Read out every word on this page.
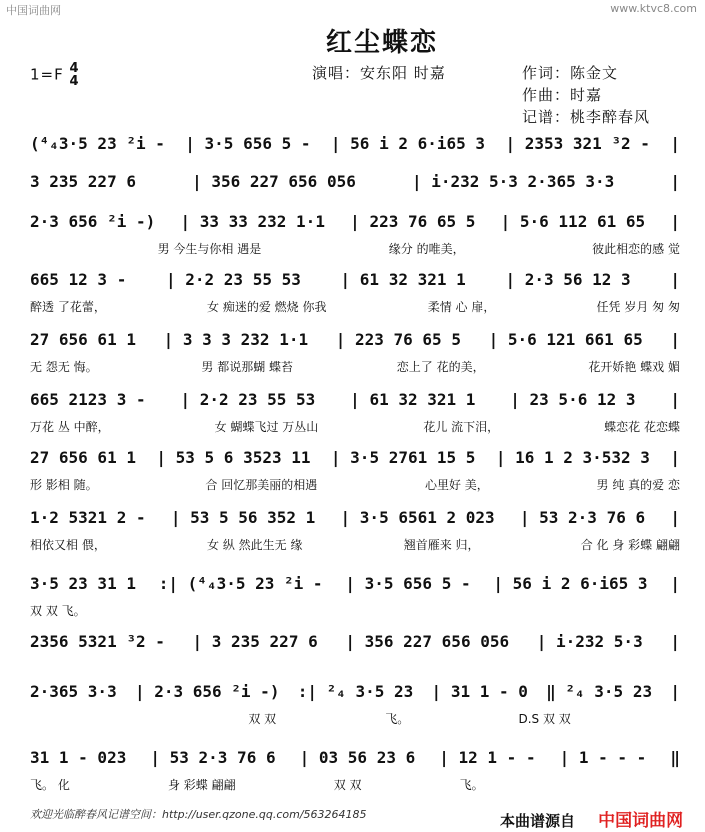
中国词曲网	www.ktvc8.com
红尘蝶恋
1=F 4
4	演唱：安东阳 时嘉	作词：陈金文
作曲：时嘉
记谱：桃李醉春风
(⁴₄3·5 23 ²i - | 3·5 656 5 - | 56 i 2 6·i65 3 | 2353 321 ³2 - |
3 235 227 6	| 356 227 656 056	| i·232 5·3 2·365 3·3	|
2·3 656 ²i -) | 33 33 232 1·1 | 223 76 65 5 | 5·6 112 61 65 |
男 今生与你相 遇是	缘分 的唯美，	彼此相恋的感 觉
665 12 3 - | 2·2 23 55 53 | 61 32 321 1 | 2·3 56 12 3 |
醉透 了花蕾，	女 痴迷的爱 燃烧 你我	柔情 心 扉，	任凭 岁月 匆 匆
27 656 61 1 | 3 3 3 232 1·1 | 223 76 65 5 | 5·6 121 661 65 |
无 怨无 悔。	男 都说那蝴 蝶苔	恋上了 花的美，	花开娇艳 蝶戏 媚
665 2123 3 - | 2·2 23 55 53 | 61 32 321 1 | 23 5·6 12 3 |
万花 丛 中醉，	女 蝴蝶飞过 万丛山	花儿 流下泪，	蝶恋花 花恋蝶
27 656 61 1 | 53 5 6 3523 11 | 3·5 2761 15 5 | 16 1 2 3·532 3 |
形 影相 随。	合 回忆那美丽的相遇	心里好 美，	男 纯 真的爱 恋
1·2 5321 2 - | 53 5 56 352 1 | 3·5 6561 2 023 | 53 2·3 76 6 |
相依又相 偎，	女 纵 然此生无 缘	翘首雁来 归，	合 化 身 彩蝶 翩翩
3·5 23 31 1 :| (⁴₄3·5 23 ²i - | 3·5 656 5 - | 56 i 2 6·i65 3 |
双 双 飞。
2356 5321 ³2 - | 3 235 227 6 | 356 227 656 056 | i·232 5·3 |
2·365 3·3 | 2·3 656 ²i -) :| ²₄ 3·5 23 | 31 1 - 0 ‖ ²₄ 3·5 23 |
双 双	飞。	D.S 双 双
31 1 - 023 | 53 2·3 76 6 | 03 56 23 6 | 12 1 - - | 1 - - - ‖
飞。 化	身 彩蝶 翩翩	双 双	飞。
欢迎光临醉春风记谱空间：http://user.qzone.qq.com/563264185	本曲谱源自 中国词曲网
